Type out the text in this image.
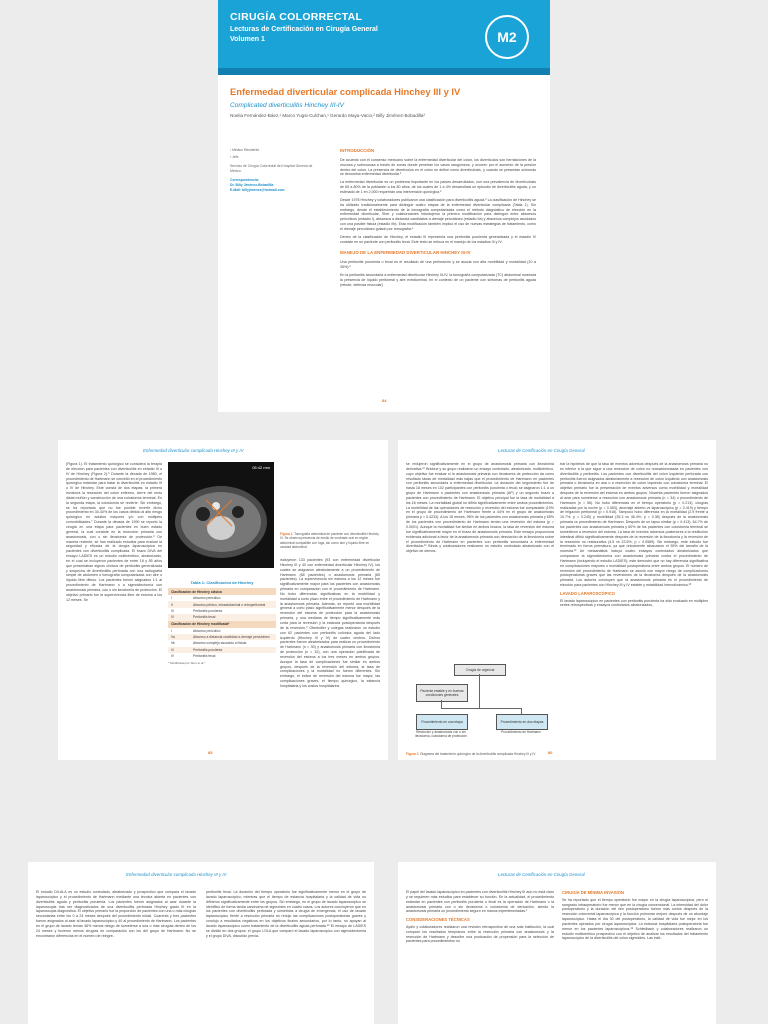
CIRUGÍA COLORRECTAL
Lecturas de Certificación en Cirugía General
Volumen 1	M2
Enfermedad diverticular complicada Hinchey III y IV
Complicated diverticulitis Hinchey III-IV
Noelia Fernández-Báez,¹ Marco Yugsi-Culchan,¹ Gerardo Maya-Vacio,² Billy Jiménez-Bobadilla²

¹ Médico Residente

² Jefe

Servicio de Cirugía Colorrectal del Hospital General de México.

Correspondencia:

Dr. Billy Jiménez-Bobadilla

E-Mail: billyjimenez@hotmail.com

INTRODUCCIÓN

De acuerdo con el consenso mexicano sobre la enfermedad diverticular del colon, los divertículos son herniaciones de la mucosa y submucosa a través de zonas donde penetran los vasos sanguíneos, y ocurren por el aumento de la presión dentro del colon. La presencia de divertículos en el colon se define como diverticulosis, y cuando se presentan síntomas se denomina enfermedad diverticular.¹

La enfermedad diverticular es un problema importante en los países desarrollados, con una prevalencia de diverticulosis de 65 a 80% de la población a los 80 años, de los cuales de 1 a 4% desarrollará un episodio de diverticulitis aguda, y un estimado de 1 en 2,000 requerirán una intervención quirúrgica.²

Desde 1978 Hinchey y colaboradores publicaron una clasificación para diverticulitis aguda.³ La clasificación de Hinchey se ha utilizado tradicionalmente para distinguir cuatro etapas de la enfermedad diverticular complicada (Tabla 1). Sin embargo, desde el establecimiento de la tomografía computarizada como el método diagnóstico de elección en la enfermedad diverticular, Sher y colaboradores introdujeron la primera modificación para distinguir entre abscesos pericólicos (estadio I), abscesos a distancia candidatos a drenaje percutáneo (estadio IIa) y abscesos complejos asociados con una posible fístula (estadio IIb). Esta modificación también implicó el uso de nuevas estrategias de tratamiento, como el drenaje percutáneo guiado por tomografía.⁴

Dentro de la clasificación de Hinchey, el estadio III representa una peritonitis purulenta generalizada y el estadio IV consiste en un paciente con peritonitis fecal. Este texto se enfoca en el manejo de los estadios III y IV.

MANEJO DE LA ENFERMEDAD DIVERTICULAR HINCHEY III-IV

Una peritonitis purulenta o fecal es el resultado de una perforación y se asocia con alta morbilidad y mortalidad (10 a 35%).⁵

En la peritonitis secundaria a enfermedad diverticular Hinchey III-IV, la tomografía computarizada (TC) abdominal mostrará la presencia de líquido peritoneal y aire extraluminal, en el contexto de un paciente con síntomas de peritonitis aguda (rebote, defensa muscular)

84
Enfermedad diverticular complicada Hinchey III y IV
(Figura 1). El tratamiento quirúrgico se considera la terapia de elección para pacientes con diverticulitis en estadio III o IV de Hinchey (Figura 2).⁶ Durante la década de 1980, el procedimiento de Hartmann se convirtió en el procedimiento quirúrgico estándar para tratar la diverticulitis en estadio III o IV de Hinchey. Este consta de dos etapas: la primera involucra la resección del colon enfermo, cierre del recto distal muñón y construcción de una colostomía terminal. En la segunda etapa, la colostomía se revierte. Sin embargo, se ha reportado que no fue posible revertir dicho procedimiento en 30-40% de los casos debido al alto riesgo quirúrgico en adultos mayores y/o con múltiples comorbilidades.⁷ Durante la década de 1990 se reportó la cirugía en una etapa para pacientes en buen estado general, la cual consiste en la resección primaria con anastomosis, con o sin ileostomía de protección.⁸ De manera reciente, se han realizado estudios para evaluar la seguridad y eficacia de la cirugía laparoscópica en pacientes con diverticulitis complicada. El brazo DIVA del ensayo LADIES es un estudio multicéntrico, aleatorizado, en el cual se incluyeron pacientes de entre 18 y 85 años que presentaban signos clínicos de peritonitis generalizada y sospecha de diverticulitis perforada con una radiografía simple de abdomen o tomografía computarizada con aire o líquido libre difuso. Los pacientes fueron asignados 1:1 al procedimiento de Hartmann o a sigmoidectomía con anastomosis primaria, con o sin ileostomía de protección. El objetivo primario fue la supervivencia libre de estoma a los 12 meses. Se
05:42 mm
Figura 1. Tomografía abdominal de paciente con diverticulitis Hinchey IV. Se observa presencia de medio de contraste oral en región abdominal compatible con fuga, así como aire y líquido libre en cavidad abdominal.
Tabla 1: Clasificación de Hinchey
Clasificación de Hinchey clásica
I	Absceso pericólico
II	Absceso pélvico, intraabdominal o retroperitoneal
III	Peritonitis purulenta
IV	Peritonitis fecal
Clasificación de Hinchey modificada*
I	Absceso pericólico
IIa	Absceso a distancia candidato a drenaje percutáneo
IIb	Absceso complejo asociado a fístula
III	Peritonitis purulenta
IV	Peritonitis fecal
* Modificada por Sher et al.⁴
incluyeron 133 pacientes (93 con enfermedad diverticular Hinchey III y 40 con enfermedad diverticular Hinchey IV), los cuales se asignaron aleatoriamente a un procedimiento de Hartmann (68 pacientes) o anastomosis primaria (65 pacientes). La supervivencia sin estoma a los 12 meses fue significativamente mayor para los pacientes con anastomosis primaria en comparación con el procedimiento de Hartmann. No hubo diferencias significativas en la morbilidad y mortalidad a corto plazo entre el procedimiento de Hartmann y la anastomosis primaria. Además, se reportó una morbilidad general a corto plazo significativamente menor después de la reversión del estoma de protección para la anastomosis primaria, y una mediana de tiempo significativamente más corta para la reversión y la estancia postoperatoria después de la reversión.⁹ Oberkofler y colegas realizaron un estudio con 62 pacientes con peritonitis colónica aguda del lado izquierdo (Hinchey III y IV) de cuatro centros. Dichos pacientes fueron aleatorizados para realizar un procedimiento de Hartmann (n = 30) y anastomosis primaria con ileostomía de protección (n = 32), con una operación planificada de reversión del estoma a los tres meses en ambos grupos. Aunque la tasa de complicaciones fue similar en ambos grupos, después de la reversión del estoma, la tasa de complicaciones y la mortalidad no fueron diferentes. Sin embargo, el índice de reversión del estoma fue mayor, las complicaciones graves, el tiempo quirúrgico, la estancia hospitalaria y los costos hospitalarios
85
Lecturas de Certificación en Cirugía General
se redujeron significativamente en el grupo de anastomosis primaria con ileostomía derivativa.¹⁰ Bridoux y su grupo realizaron un ensayo controlado, aleatorizado, multicéntrico, cuyo objetivo fue evaluar si la anastomosis primaria con ileostomía de protección da como resultado tasas de mortalidad más bajas que el procedimiento de Hartmann en pacientes con peritonitis secundaria a enfermedad diverticular. La duración del seguimiento fue de hasta 18 meses en 102 participantes con peritonitis purulenta o fecal; se asignaron 1:1 a un grupo de Hartmann o pacientes con anastomosis primaria (AP) y un segundo brazo a pacientes con procedimiento de Hartmann. El objetivo principal fue la tasa de mortalidad a los 18 meses. La mortalidad global no difirió significativamente entre ambos procedimientos. La morbilidad de las operaciones de resección y reversión del estoma fue comparable (19% en el grupo de procedimiento de Hartmann frente a 44% en el grupo de anastomosis primaria p = 0.4233). A los 18 meses, 96% de los pacientes con anastomosis primaria y 65% de los pacientes con procedimiento de Hartmann tenían una reversión del estoma (p = 0.0001). Aunque la mortalidad fue similar en ambos brazos, la tasa de reversión del estoma fue significativamente mayor en el brazo de anastomosis primaria. Este ensayo proporciona evidencia adicional a favor de la anastomosis primaria con desviación de la ileostomía sobre el procedimiento de Hartmann en pacientes con peritonitis secundaria a enfermedad diverticular.¹¹ Binda y colaboradores realizaron un estudio controlado aleatorizado con el objetivo de demos-

trar la hipótesis de que la tasa de eventos adversos después de la anastomosis primaria no es inferior a la que sigue a una resección de colon no reanastomosada en pacientes con diverticulitis y peritonitis. Los pacientes con diverticulitis del colon izquierdo perforada con peritonitis fueron asignados aleatoriamente a resección de colon izquierdo con anastomosis primaria o ileostomía en asa o a resección de colon izquierdo con colostomía terminal. El objetivo primario fue la presentación de eventos adversos como morbilidad y mortalidad después de la reversión del estoma en ambos grupos. Noventa pacientes fueron asignados al azar para someterse a resección con anastomosis primaria (n = 34) o procedimiento de Hartmann (n = 56). No hubo diferencias en el tiempo operatorio (p = 0.213), cirugías realizadas por la noche (p = 0.083), abordaje abierto vs laparoscópico (p = 0.419) y tiempo de irrigación peritoneal (p = 0.916). Tampoco hubo diferencia en la mortalidad (2.9 frente a 10.7%; p = 0.240) y morbilidad (35.3 vs 46.4%; p = 0.38) después de la anastomosis primaria vs procedimiento de Hartmann. Después de un lapso similar (p = 0.413), 64.7% de los pacientes con anastomosis primaria y 60% de los pacientes con colostomía terminal se sometieron a reversión del estoma. La tasa de eventos adversos posteriores a la restitución intestinal difirió significativamente después de la reversión de la ileostomía y la reversión de la resección no restaurativa (4.5 vs 23.5%, p = 0.0589). Sin embargo, este estudio fue terminado en forma prematura, ya que únicamente alcanzaron el 55% del tamaño de la muestra.¹² Un metaanálisis incluyó cuatro ensayos controlados aleatorizados que compararon la sigmoidectomía con anastomosis primaria contra el procedimiento de Hartmann (incluyendo el estudio LADIES); este demostró que no hay diferencia significativa en complicaciones mayores o mortalidad postoperatoria entre ambos grupos. El número de reversión del procedimiento de Hartmann se asoció con mayor riesgo de complicaciones postoperatorias graves que las reversiones de la ileostomía después de la anastomosis primaria. Los autores concluyen que la anastomosis primaria es el procedimiento de elección para pacientes con Hinchey III y IV estable y estabilidad hemodinámica.¹³

LAVADO LAPAROSCÓPICO

El lavado laparoscópico en pacientes con peritonitis purulenta ha sido evaluado en múltiples series retrospectivas y ensayos controlados aleatorizados,

Cirugía de urgencia
Paciente estable y en buenas condiciones generales
Procedimiento en una etapa	Procedimiento en dos etapas
Resección y anastomosis con o sin ileostomía, colostomía de protección
Procedimiento de Hartmann
Figura 2. Diagrama del tratamiento quirúrgico de la diverticulitis complicada Hinchey III y IV.	86
Enfermedad diverticular complicada Hinchey III y IV
El estudio DILALA es un estudio controlado, aleatorizado y prospectivo que compara el lavado laparoscópico y el procedimiento de Hartmann mediante una técnica abierta en pacientes con diverticulitis aguda y peritonitis purulenta. Los pacientes fueron asignados al azar durante la laparoscopia tras ser diagnosticados de una diverticulitis perforada Hinchey grado III en la laparoscopia diagnóstica. El objetivo primario fue la proporción de pacientes con una o más cirugías secundarias entre los 0 a 24 meses después del procedimiento inicial. Cuarenta y tres pacientes fueron asignados al azar al lavado laparoscópico y 40 al procedimiento de Hartmann. Los pacientes en el grupo de lavado tenían 46% menos riesgo de someterse a una o más cirugías dentro de los 24 meses y tuvieron menos cirugías en comparación con los del grupo de Hartmann. No se encontraron diferencias en el número de reingre-
peritonitis fecal. La duración del tiempo operatorio fue significativamente menor en el grupo de lavado laparoscópico; mientras que el tiempo de estancia hospitalaria y la calidad de vida no difirieron significativamente entre los grupos. Sin embargo, en el grupo de lavado laparoscópico se identificó de forma tardía carcinoma de sigmoides en cuatro casos. Los autores concluyeron que en los pacientes con diverticulitis perforada y sometidos a cirugía de emergencia, el uso de lavado laparoscópico frente a resección primaria no redujo las complicaciones postoperatorias graves y condujo a resultados negativos en los objetivos finales secundarios, por lo tanto, no apoyan al lavado laparoscópico como tratamiento de la diverticulitis aguda perforada.¹⁶ El ensayo de LADIES se dividió en dos grupos: el grupo LOLA que comparó el lavado laparoscópico con sigmoidectomía y el grupo DIVA, discutido previa-
Lecturas de Certificación en Cirugía General

El papel del lavado laparoscópico en pacientes con diverticulitis Hinchey III aún no está claro y se requieren más estudios para establecer su función. En la actualidad, el procedimiento estándar en pacientes con peritonitis purulenta o fecal es la operación de Hartmann o la anastomosis primaria con o sin ileostomía o colostomía de derivación, siendo la anastomosis primaria un procedimiento seguro en manos expertimentadas.¹

CONSIDERACIONES TÉCNICAS

Aydin y colaboradores realizaron una revisión retrospectiva de una sola institución, la cual comparó los resultados tempranos entre la resección primaria con anastomosis y la resección de Hartmann y describe una puntuación de propensión para la selección de pacientes para procedimientos no

CIRUGÍA DE MÍNIMA INVASIÓN

Se ha reportado que el tiempo operatorio fue mayor en la cirugía laparoscópica, pero el sangrado intraoperatorio fue menor que en la cirugía convencional. La intensidad del dolor postoperatorio y la duración del íleo postoperatorio fueron más cortos después de la resección colorrectal laparoscópica y la función pulmonar mejoró después de un abordaje laparoscópico. Hasta el día 30 del postoperatorio, la calidad de vida fue mejor en los pacientes operados por cirugía laparoscópica. La estancia hospitalaria postoperatoria fue menor en los pacientes laparoscópicos.¹⁸ Schiedbach y colaboradores realizaron un estudio multicéntrico prospectivo con el objetivo de analizar los resultados del tratamiento laparoscópico de la diverticulitis del colon sigmoides. Las insti-
